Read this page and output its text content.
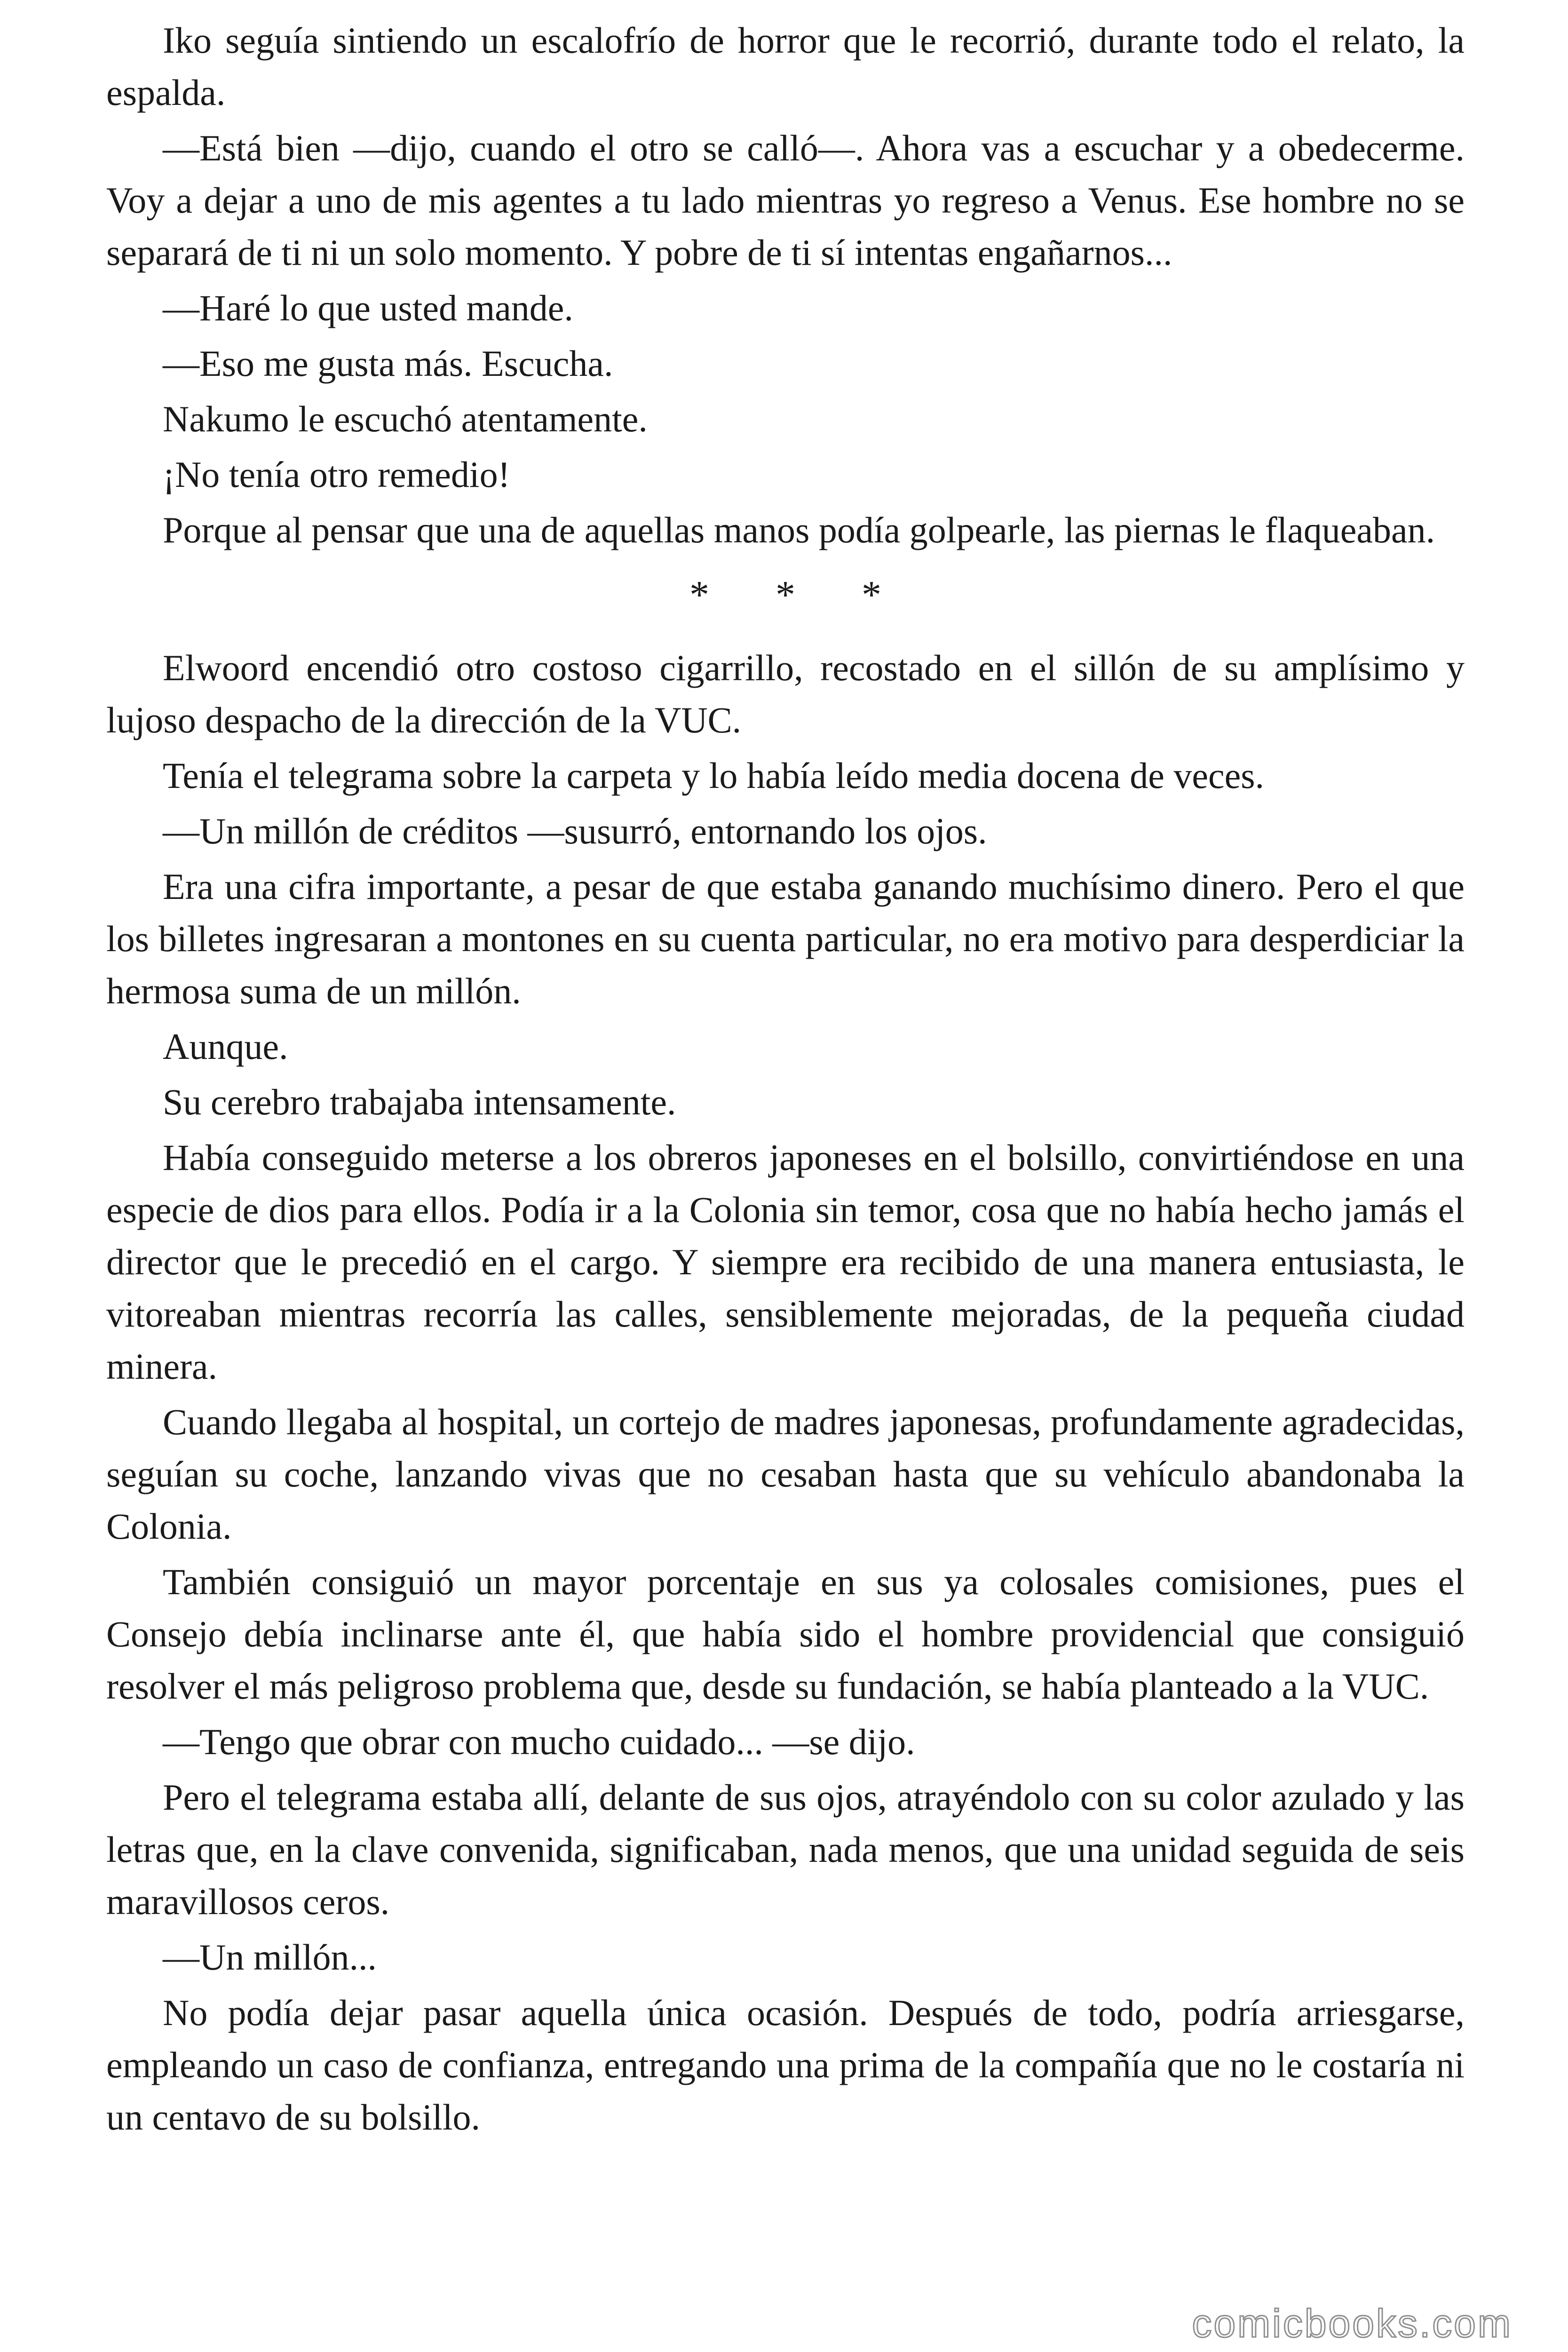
Iko seguía sintiendo un escalofrío de horror que le recorrió, durante todo el relato, la espalda.

—Está bien —dijo, cuando el otro se calló—. Ahora vas a escuchar y a obedecerme. Voy a dejar a uno de mis agentes a tu lado mientras yo regreso a Venus. Ese hombre no se separará de ti ni un solo momento. Y pobre de ti sí intentas engañarnos...

—Haré lo que usted mande.

—Eso me gusta más. Escucha.

Nakumo le escuchó atentamente.

¡No tenía otro remedio!

Porque al pensar que una de aquellas manos podía golpearle, las piernas le flaqueaban.

* * *

Elwoord encendió otro costoso cigarrillo, recostado en el sillón de su amplísimo y lujoso despacho de la dirección de la VUC.

Tenía el telegrama sobre la carpeta y lo había leído media docena de veces.

—Un millón de créditos —susurró, entornando los ojos.

Era una cifra importante, a pesar de que estaba ganando muchísimo dinero. Pero el que los billetes ingresaran a montones en su cuenta particular, no era motivo para desperdiciar la hermosa suma de un millón.

Aunque.

Su cerebro trabajaba intensamente.

Había conseguido meterse a los obreros japoneses en el bolsillo, convirtiéndose en una especie de dios para ellos. Podía ir a la Colonia sin temor, cosa que no había hecho jamás el director que le precedió en el cargo. Y siempre era recibido de una manera entusiasta, le vitoreaban mientras recorría las calles, sensiblemente mejoradas, de la pequeña ciudad minera.

Cuando llegaba al hospital, un cortejo de madres japonesas, profundamente agradecidas, seguían su coche, lanzando vivas que no cesaban hasta que su vehículo abandonaba la Colonia.

También consiguió un mayor porcentaje en sus ya colosales comisiones, pues el Consejo debía inclinarse ante él, que había sido el hombre providencial que consiguió resolver el más peligroso problema que, desde su fundación, se había planteado a la VUC.

—Tengo que obrar con mucho cuidado... —se dijo.

Pero el telegrama estaba allí, delante de sus ojos, atrayéndolo con su color azulado y las letras que, en la clave convenida, significaban, nada menos, que una unidad seguida de seis maravillosos ceros.

—Un millón...

No podía dejar pasar aquella única ocasión. Después de todo, podría arriesgarse, empleando un caso de confianza, entregando una prima de la compañía que no le costaría ni un centavo de su bolsillo.

comicbooks.com
